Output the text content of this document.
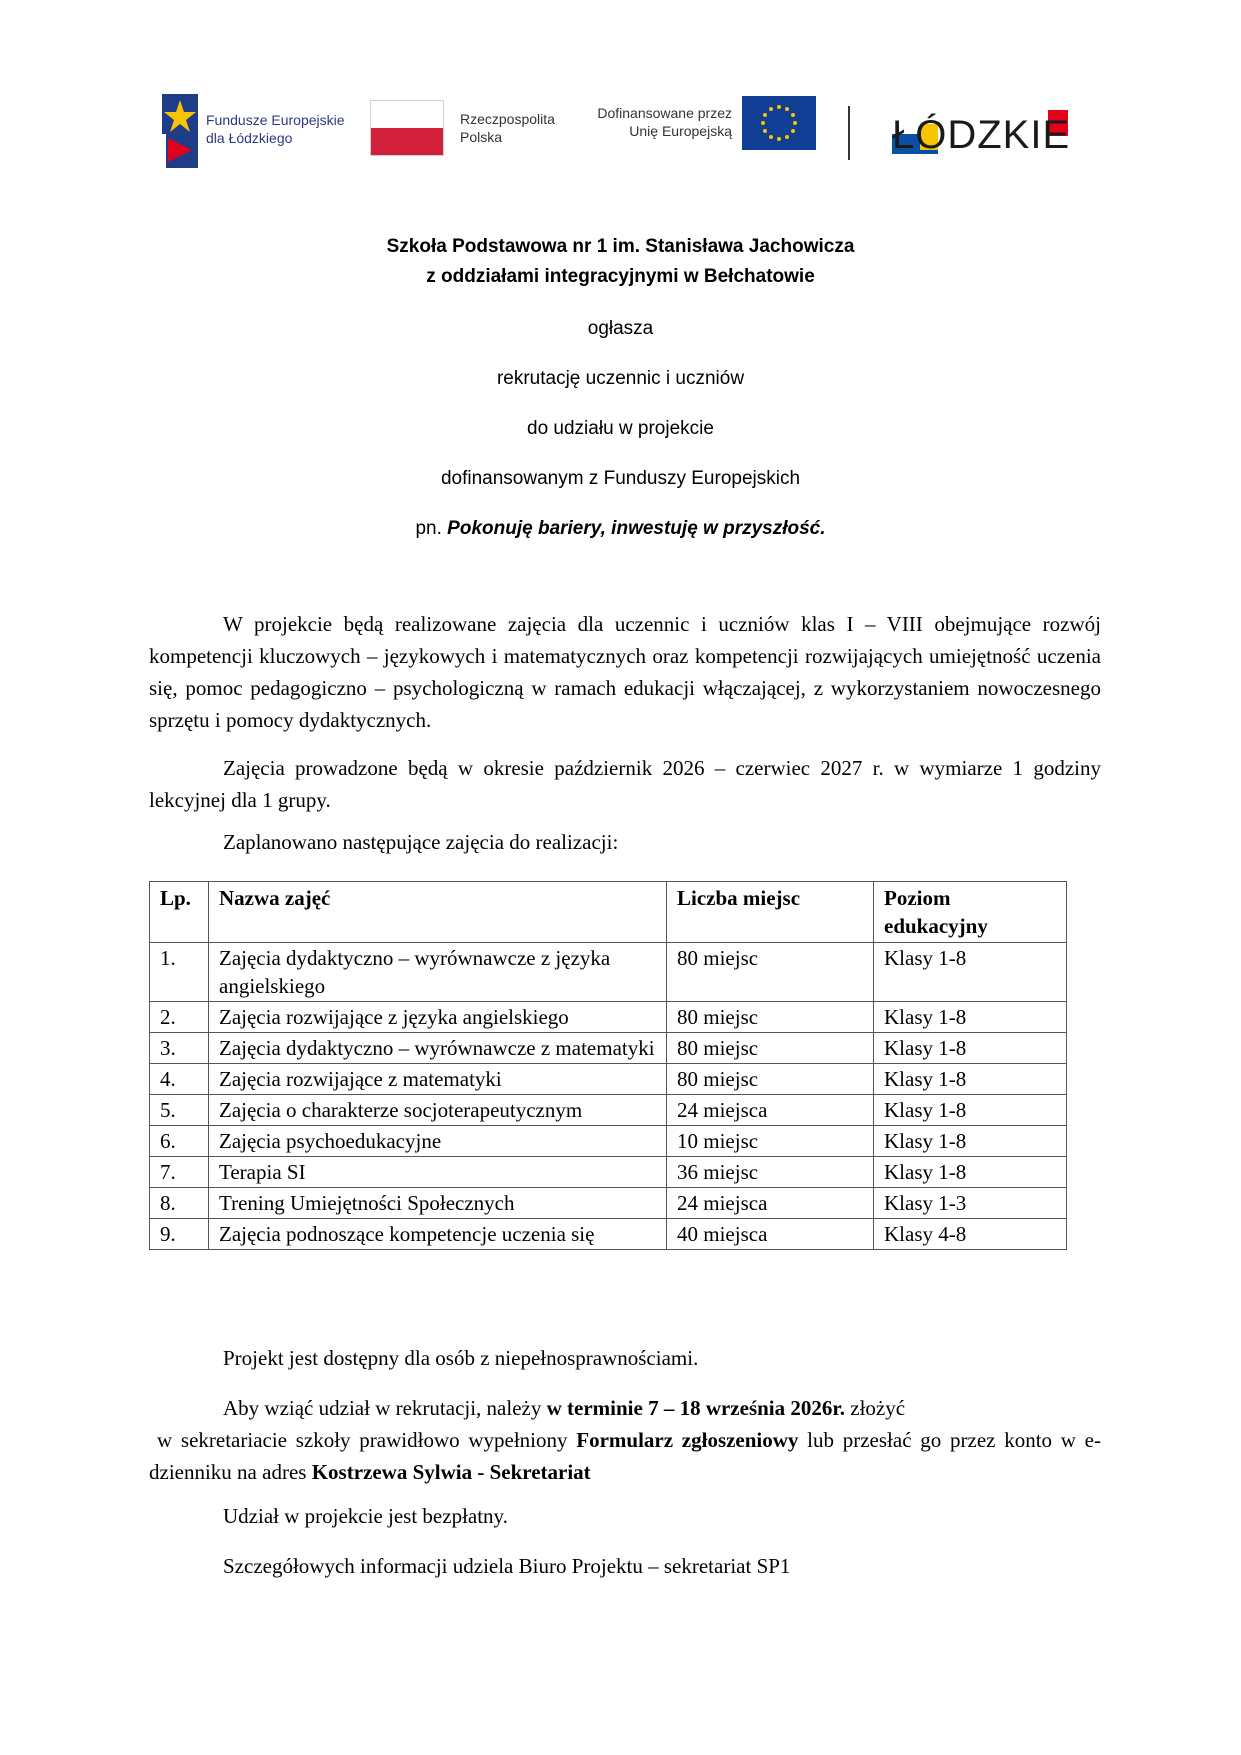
Fundusze Europejskie
dla Łódzkiego
Rzeczpospolita
Polska
Dofinansowane przez
Unię Europejską	ŁÓDZKIE
Szkoła Podstawowa nr 1 im. Stanisława Jachowicza
z oddziałami integracyjnymi w Bełchatowie
ogłasza
rekrutację uczennic i uczniów
do udziału w projekcie
dofinansowanym z Funduszy Europejskich
pn. Pokonuję bariery, inwestuję w przyszłość.
W projekcie będą realizowane zajęcia dla uczennic i uczniów klas I – VIII obejmujące rozwój kompetencji kluczowych – językowych i matematycznych oraz kompetencji rozwijających umiejętność uczenia się, pomoc pedagogiczno – psychologiczną w ramach edukacji włączającej, z wykorzystaniem nowoczesnego sprzętu i pomocy dydaktycznych.
Zajęcia prowadzone będą w okresie październik 2026 – czerwiec 2027 r. w wymiarze 1 godziny lekcyjnej dla 1 grupy.
Zaplanowano następujące zajęcia do realizacji:
Lp.	Nazwa zajęć	Liczba miejsc	Poziom edukacyjny
1.	Zajęcia dydaktyczno – wyrównawcze z języka angielskiego	80 miejsc	Klasy 1-8
2.	Zajęcia rozwijające z języka angielskiego	80 miejsc	Klasy 1-8
3.	Zajęcia dydaktyczno – wyrównawcze z matematyki	80 miejsc	Klasy 1-8
4.	Zajęcia rozwijające z matematyki	80 miejsc	Klasy 1-8
5.	Zajęcia o charakterze socjoterapeutycznym	24 miejsca	Klasy 1-8
6.	Zajęcia psychoedukacyjne	10 miejsc	Klasy 1-8
7.	Terapia SI	36 miejsc	Klasy 1-8
8.	Trening Umiejętności Społecznych	24 miejsca	Klasy 1-3
9.	Zajęcia podnoszące kompetencje uczenia się	40 miejsca	Klasy 4-8
Projekt jest dostępny dla osób z niepełnosprawnościami.
Aby wziąć udział w rekrutacji, należy w terminie 7 – 18 września 2026r. złożyć
w sekretariacie szkoły prawidłowo wypełniony Formularz zgłoszeniowy lub przesłać go przez konto w e-dzienniku na adres Kostrzewa Sylwia - Sekretariat
Udział w projekcie jest bezpłatny.
Szczegółowych informacji udziela Biuro Projektu – sekretariat SP1
